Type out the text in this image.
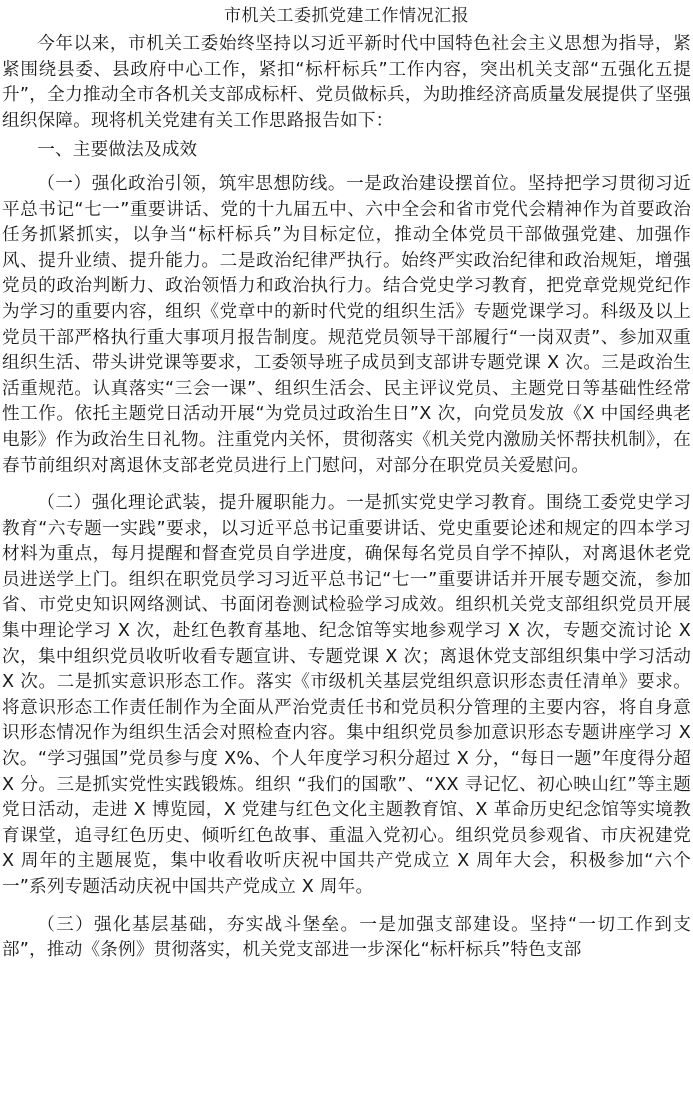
市机关工委抓党建工作情况汇报

今年以来，市机关工委始终坚持以习近平新时代中国特色社会主义思想为指导，紧紧围绕县委、县政府中心工作，紧扣“标杆标兵”工作内容，突出机关支部“五强化五提升”，全力推动全市各机关支部成标杆、党员做标兵，为助推经济高质量发展提供了坚强组织保障。现将机关党建有关工作思路报告如下：

一、主要做法及成效

（一）强化政治引领，筑牢思想防线。一是政治建设摆首位。坚持把学习贯彻习近平总书记“七一”重要讲话、党的十九届五中、六中全会和省市党代会精神作为首要政治任务抓紧抓实，以争当“标杆标兵”为目标定位，推动全体党员干部做强党建、加强作风、提升业绩、提升能力。二是政治纪律严执行。始终严实政治纪律和政治规矩，增强党员的政治判断力、政治领悟力和政治执行力。结合党史学习教育，把党章党规党纪作为学习的重要内容，组织《党章中的新时代党的组织生活》专题党课学习。科级及以上党员干部严格执行重大事项月报告制度。规范党员领导干部履行“一岗双责”、参加双重组织生活、带头讲党课等要求，工委领导班子成员到支部讲专题党课 X 次。三是政治生活重规范。认真落实“三会一课”、组织生活会、民主评议党员、主题党日等基础性经常性工作。依托主题党日活动开展“为党员过政治生日”X 次，向党员发放《X 中国经典老电影》作为政治生日礼物。注重党内关怀，贯彻落实《机关党内激励关怀帮扶机制》，在春节前组织对离退休支部老党员进行上门慰问，对部分在职党员关爱慰问。

（二）强化理论武装，提升履职能力。一是抓实党史学习教育。围绕工委党史学习教育“六专题一实践”要求，以习近平总书记重要讲话、党史重要论述和规定的四本学习材料为重点，每月提醒和督查党员自学进度，确保每名党员自学不掉队，对离退休老党员进送学上门。组织在职党员学习习近平总书记“七一”重要讲话并开展专题交流，参加省、市党史知识网络测试、书面闭卷测试检验学习成效。组织机关党支部组织党员开展集中理论学习 X 次，赴红色教育基地、纪念馆等实地参观学习 X 次，专题交流讨论 X 次，集中组织党员收听收看专题宣讲、专题党课 X 次；离退休党支部组织集中学习活动 X 次。二是抓实意识形态工作。落实《市级机关基层党组织意识形态责任清单》要求。将意识形态工作责任制作为全面从严治党责任书和党员积分管理的主要内容，将自身意识形态情况作为组织生活会对照检查内容。集中组织党员参加意识形态专题讲座学习 X 次。“学习强国”党员参与度 X%、个人年度学习积分超过 X 分，“每日一题”年度得分超 X 分。三是抓实党性实践锻炼。组织 “我们的国歌”、“XX 寻记忆、初心映山红”等主题党日活动，走进 X 博览园，X 党建与红色文化主题教育馆、X 革命历史纪念馆等实境教育课堂，追寻红色历史、倾听红色故事、重温入党初心。组织党员参观省、市庆祝建党 X 周年的主题展览，集中收看收听庆祝中国共产党成立 X 周年大会，积极参加“六个一”系列专题活动庆祝中国共产党成立 X 周年。

（三）强化基层基础，夯实战斗堡垒。一是加强支部建设。坚持“一切工作到支部”，推动《条例》贯彻落实，机关党支部进一步深化“标杆标兵”特色支部
